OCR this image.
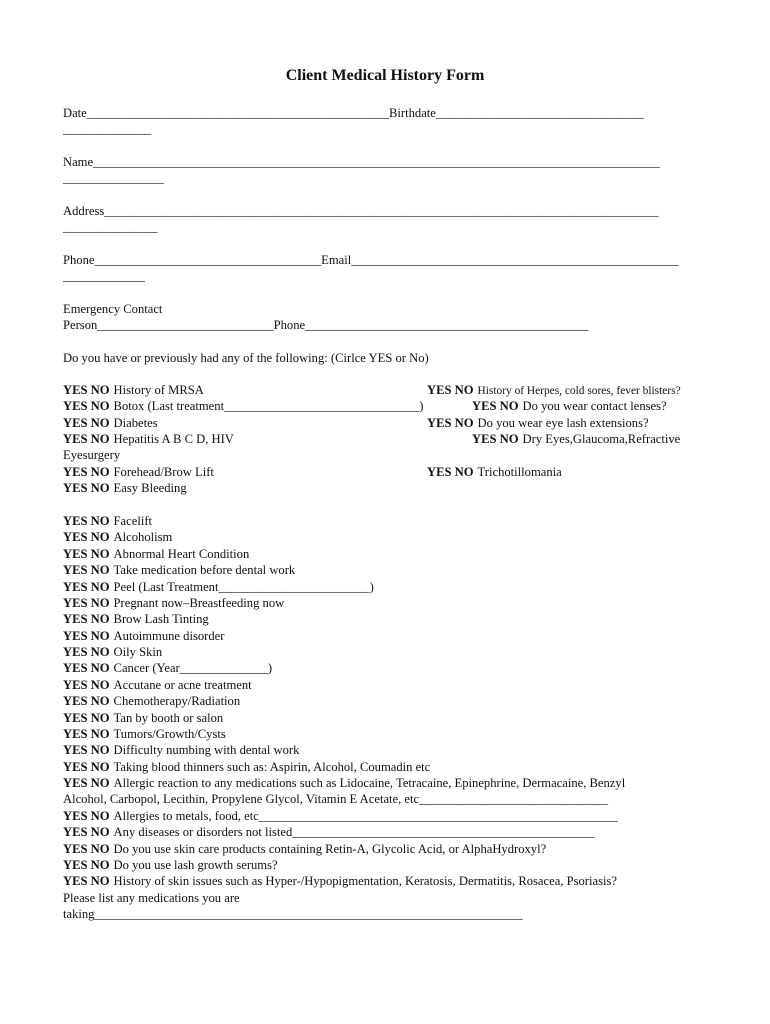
Client Medical History Form
Date________________________________________________Birthdate_________________________________
______________
Name__________________________________________________________________________________________
________________
Address________________________________________________________________________________________
_______________
Phone____________________________________Email____________________________________________________
_____________
Emergency Contact
Person____________________________Phone_____________________________________________
Do you have or previously had any of the following: (Cirlce YES or No)
YES NO History of MRSA
YES NO Botox (Last treatment_______________________________)
YES NO Diabetes
YES NO Hepatitis A B C D, HIV
Eyesurgery
YES NO Forehead/Brow Lift
YES NO Easy Bleeding
YES NO History of Herpes, cold sores, fever blisters?
YES NO Do you wear contact lenses?
YES NO Do you wear eye lash extensions?
YES NO Dry Eyes,Glaucoma,Refractive
YES NO Trichotillomania
YES NO Facelift
YES NO Alcoholism
YES NO Abnormal Heart Condition
YES NO Take medication before dental work
YES NO Peel (Last Treatment________________________)
YES NO Pregnant now–Breastfeeding now
YES NO Brow Lash Tinting
YES NO Autoimmune disorder
YES NO Oily Skin
YES NO Cancer (Year______________)
YES NO Accutane or acne treatment
YES NO Chemotherapy/Radiation
YES NO Tan by booth or salon
YES NO Tumors/Growth/Cysts
YES NO Difficulty numbing with dental work
YES NO Taking blood thinners such as: Aspirin, Alcohol, Coumadin etc
YES NO Allergic reaction to any medications such as Lidocaine, Tetracaine, Epinephrine, Dermacaine, Benzyl
Alcohol, Carbopol, Lecithin, Propylene Glycol, Vitamin E Acetate, etc______________________________
YES NO Allergies to metals, food, etc_________________________________________________________
YES NO Any diseases or disorders not listed________________________________________________
YES NO Do you use skin care products containing Retin-A, Glycolic Acid, or AlphaHydroxyl?
YES NO Do you use lash growth serums?
YES NO History of skin issues such as Hyper-/Hypopigmentation, Keratosis, Dermatitis, Rosacea, Psoriasis?
Please list any medications you are
taking____________________________________________________________________
